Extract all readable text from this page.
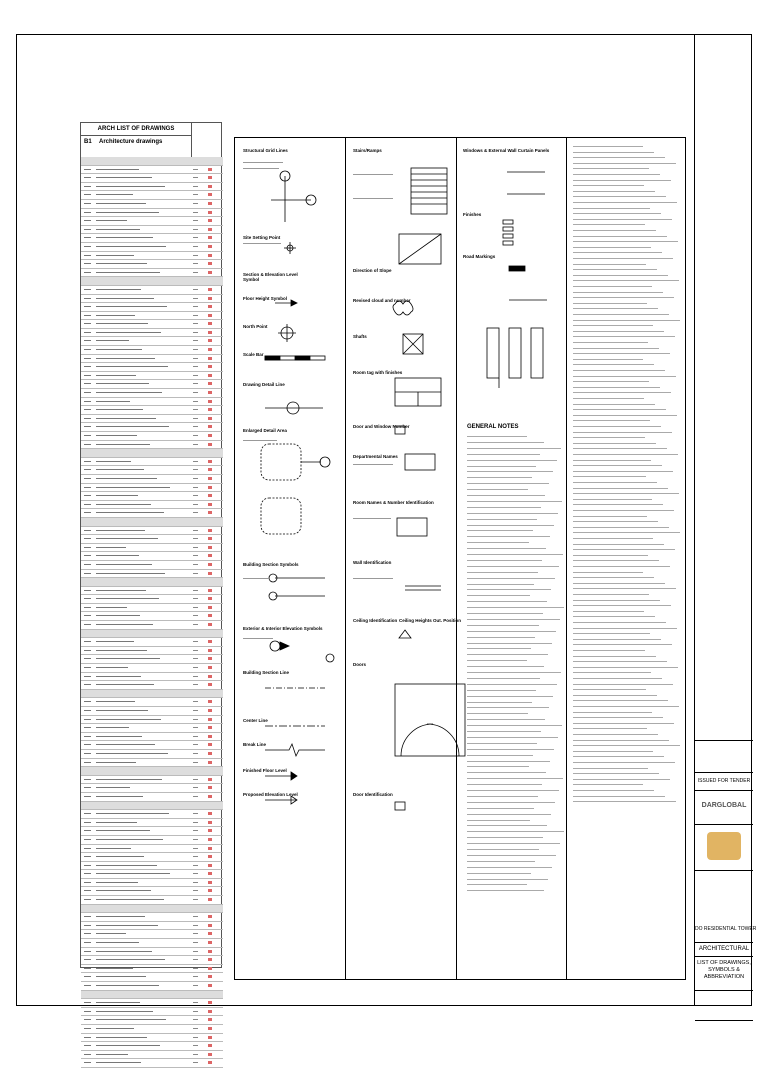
ARCH LIST OF DRAWINGS
B1 Architecture drawings
Structural Grid Lines
Site Setting Point
Section & Elevation Level Symbol
Floor Height Symbol
North Point
Scale Bar
Drawing Detail Line
Enlarged Detail Area
Building Section Symbols
Exterior & Interior Elevation Symbols
Building Section Line
Center Line
Break Line
Finished Floor Level
Proposed Elevation Level
Stairs/Ramps
Direction of Slope
Revised cloud and number
Shafts
Room tag with finishes
Door and Window Number
Departmental Names
Room Names & Number Identification
Wall Identification
Ceiling Identification Ceiling Heights Out. Position
Doors
Door Identification
Windows & External Wall Curtain Panels
Finishes
Road Markings
GENERAL NOTES
ISSUED FOR TENDER
DARGLOBAL
DO RESIDENTIAL TOWER
ARCHITECTURAL
LIST OF DRAWINGS, SYMBOLS & ABBREVIATION
